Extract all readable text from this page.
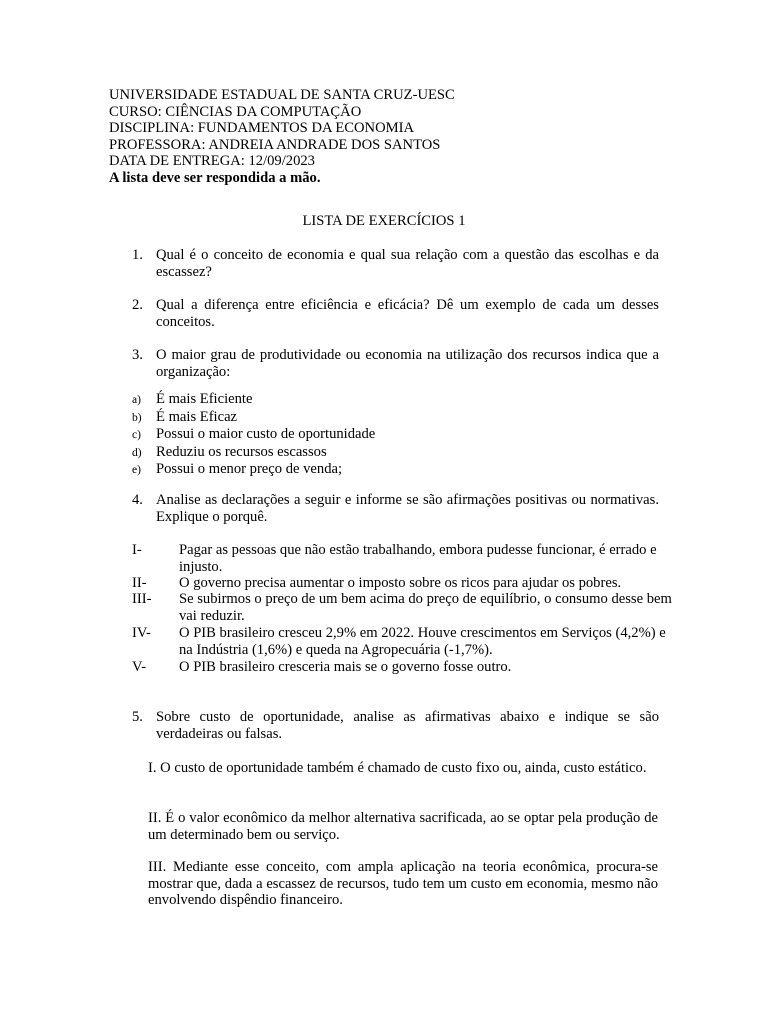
UNIVERSIDADE ESTADUAL DE SANTA CRUZ-UESC
CURSO: CIÊNCIAS DA COMPUTAÇÃO
DISCIPLINA: FUNDAMENTOS DA ECONOMIA
PROFESSORA: ANDREIA ANDRADE DOS SANTOS
DATA DE ENTREGA: 12/09/2023
A lista deve ser respondida a mão.
LISTA DE EXERCÍCIOS 1
1. Qual é o conceito de economia e qual sua relação com a questão das escolhas e da escassez?
2. Qual a diferença entre eficiência e eficácia? Dê um exemplo de cada um desses conceitos.
3. O maior grau de produtividade ou economia na utilização dos recursos indica que a organização:
a) É mais Eficiente
b) É mais Eficaz
c) Possui o maior custo de oportunidade
d) Reduziu os recursos escassos
e) Possui o menor preço de venda;
4. Analise as declarações a seguir e informe se são afirmações positivas ou normativas. Explique o porquê.
I-	Pagar as pessoas que não estão trabalhando, embora pudesse funcionar, é errado e injusto.
II- O governo precisa aumentar o imposto sobre os ricos para ajudar os pobres.
III- Se subirmos o preço de um bem acima do preço de equilíbrio, o consumo desse bem vai reduzir.
IV- O PIB brasileiro cresceu 2,9% em 2022. Houve crescimentos em Serviços (4,2%) e na Indústria (1,6%) e queda na Agropecuária (-1,7%).
V- O PIB brasileiro cresceria mais se o governo fosse outro.
5. Sobre custo de oportunidade, analise as afirmativas abaixo e indique se são verdadeiras ou falsas.
I. O custo de oportunidade também é chamado de custo fixo ou, ainda, custo estático.
II. É o valor econômico da melhor alternativa sacrificada, ao se optar pela produção de um determinado bem ou serviço.
III. Mediante esse conceito, com ampla aplicação na teoria econômica, procura-se mostrar que, dada a escassez de recursos, tudo tem um custo em economia, mesmo não envolvendo dispêndio financeiro.
